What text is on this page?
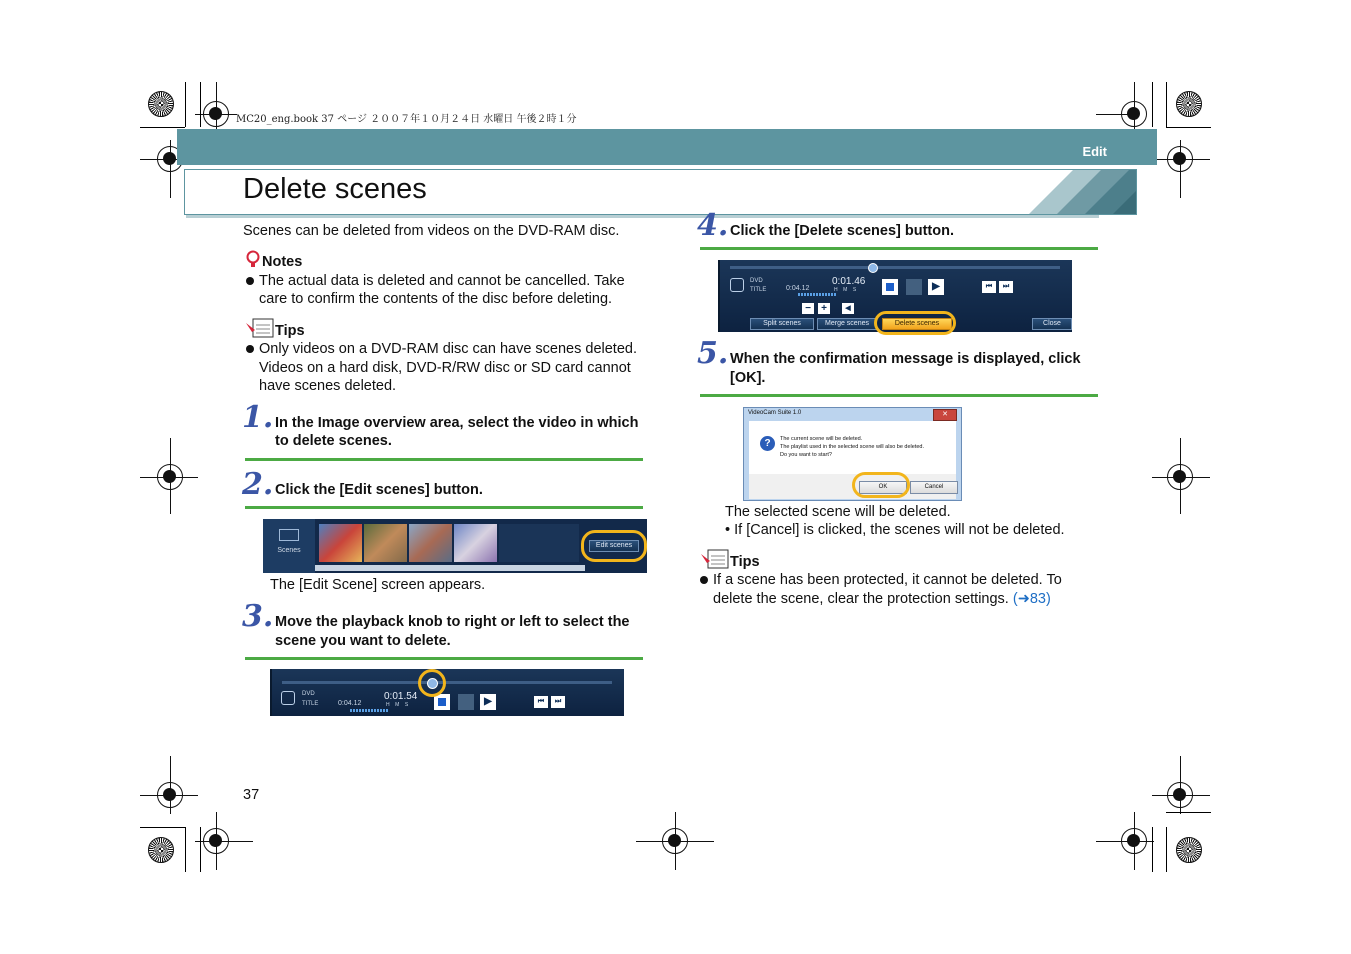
MC20_eng.book 37 ページ ２００７年１０月２４日 水曜日 午後２時１分
Edit
Delete scenes
Scenes can be deleted from videos on the DVD-RAM disc.
Notes
The actual data is deleted and cannot be cancelled. Take
care to confirm the contents of the disc before deleting.
Tips
Only videos on a DVD-RAM disc can have scenes deleted.
Videos on a hard disk, DVD-R/RW disc or SD card cannot
have scenes deleted.
1. In the Image overview area, select the video in which
to delete scenes.
2. Click the [Edit scenes] button.
Scenes
Edit scenes
The [Edit Scene] screen appears.
3. Move the playback knob to right or left to select the
scene you want to delete.
DVD
TITLE	0:04.12
0:01.54
H    M    S	▶	⏮	⏭
4. Click the [Delete scenes] button.
DVD
TITLE	0:04.12
0:01.46
H    M    S	▶	⏮	⏭
−	+	◀
Split scenes	Merge scenes	Delete scenes	Close
5. When the confirmation message is displayed, click
[OK].
VideoCam Suite 1.0	✕
?	The current scene will be deleted.
The playlist used in the selected scene will also be deleted.
Do you want to start?
OK	Cancel
The selected scene will be deleted.
• If [Cancel] is clicked, the scenes will not be deleted.
Tips
If a scene has been protected, it cannot be deleted. To
delete the scene, clear the protection settings. (➜83)
37
